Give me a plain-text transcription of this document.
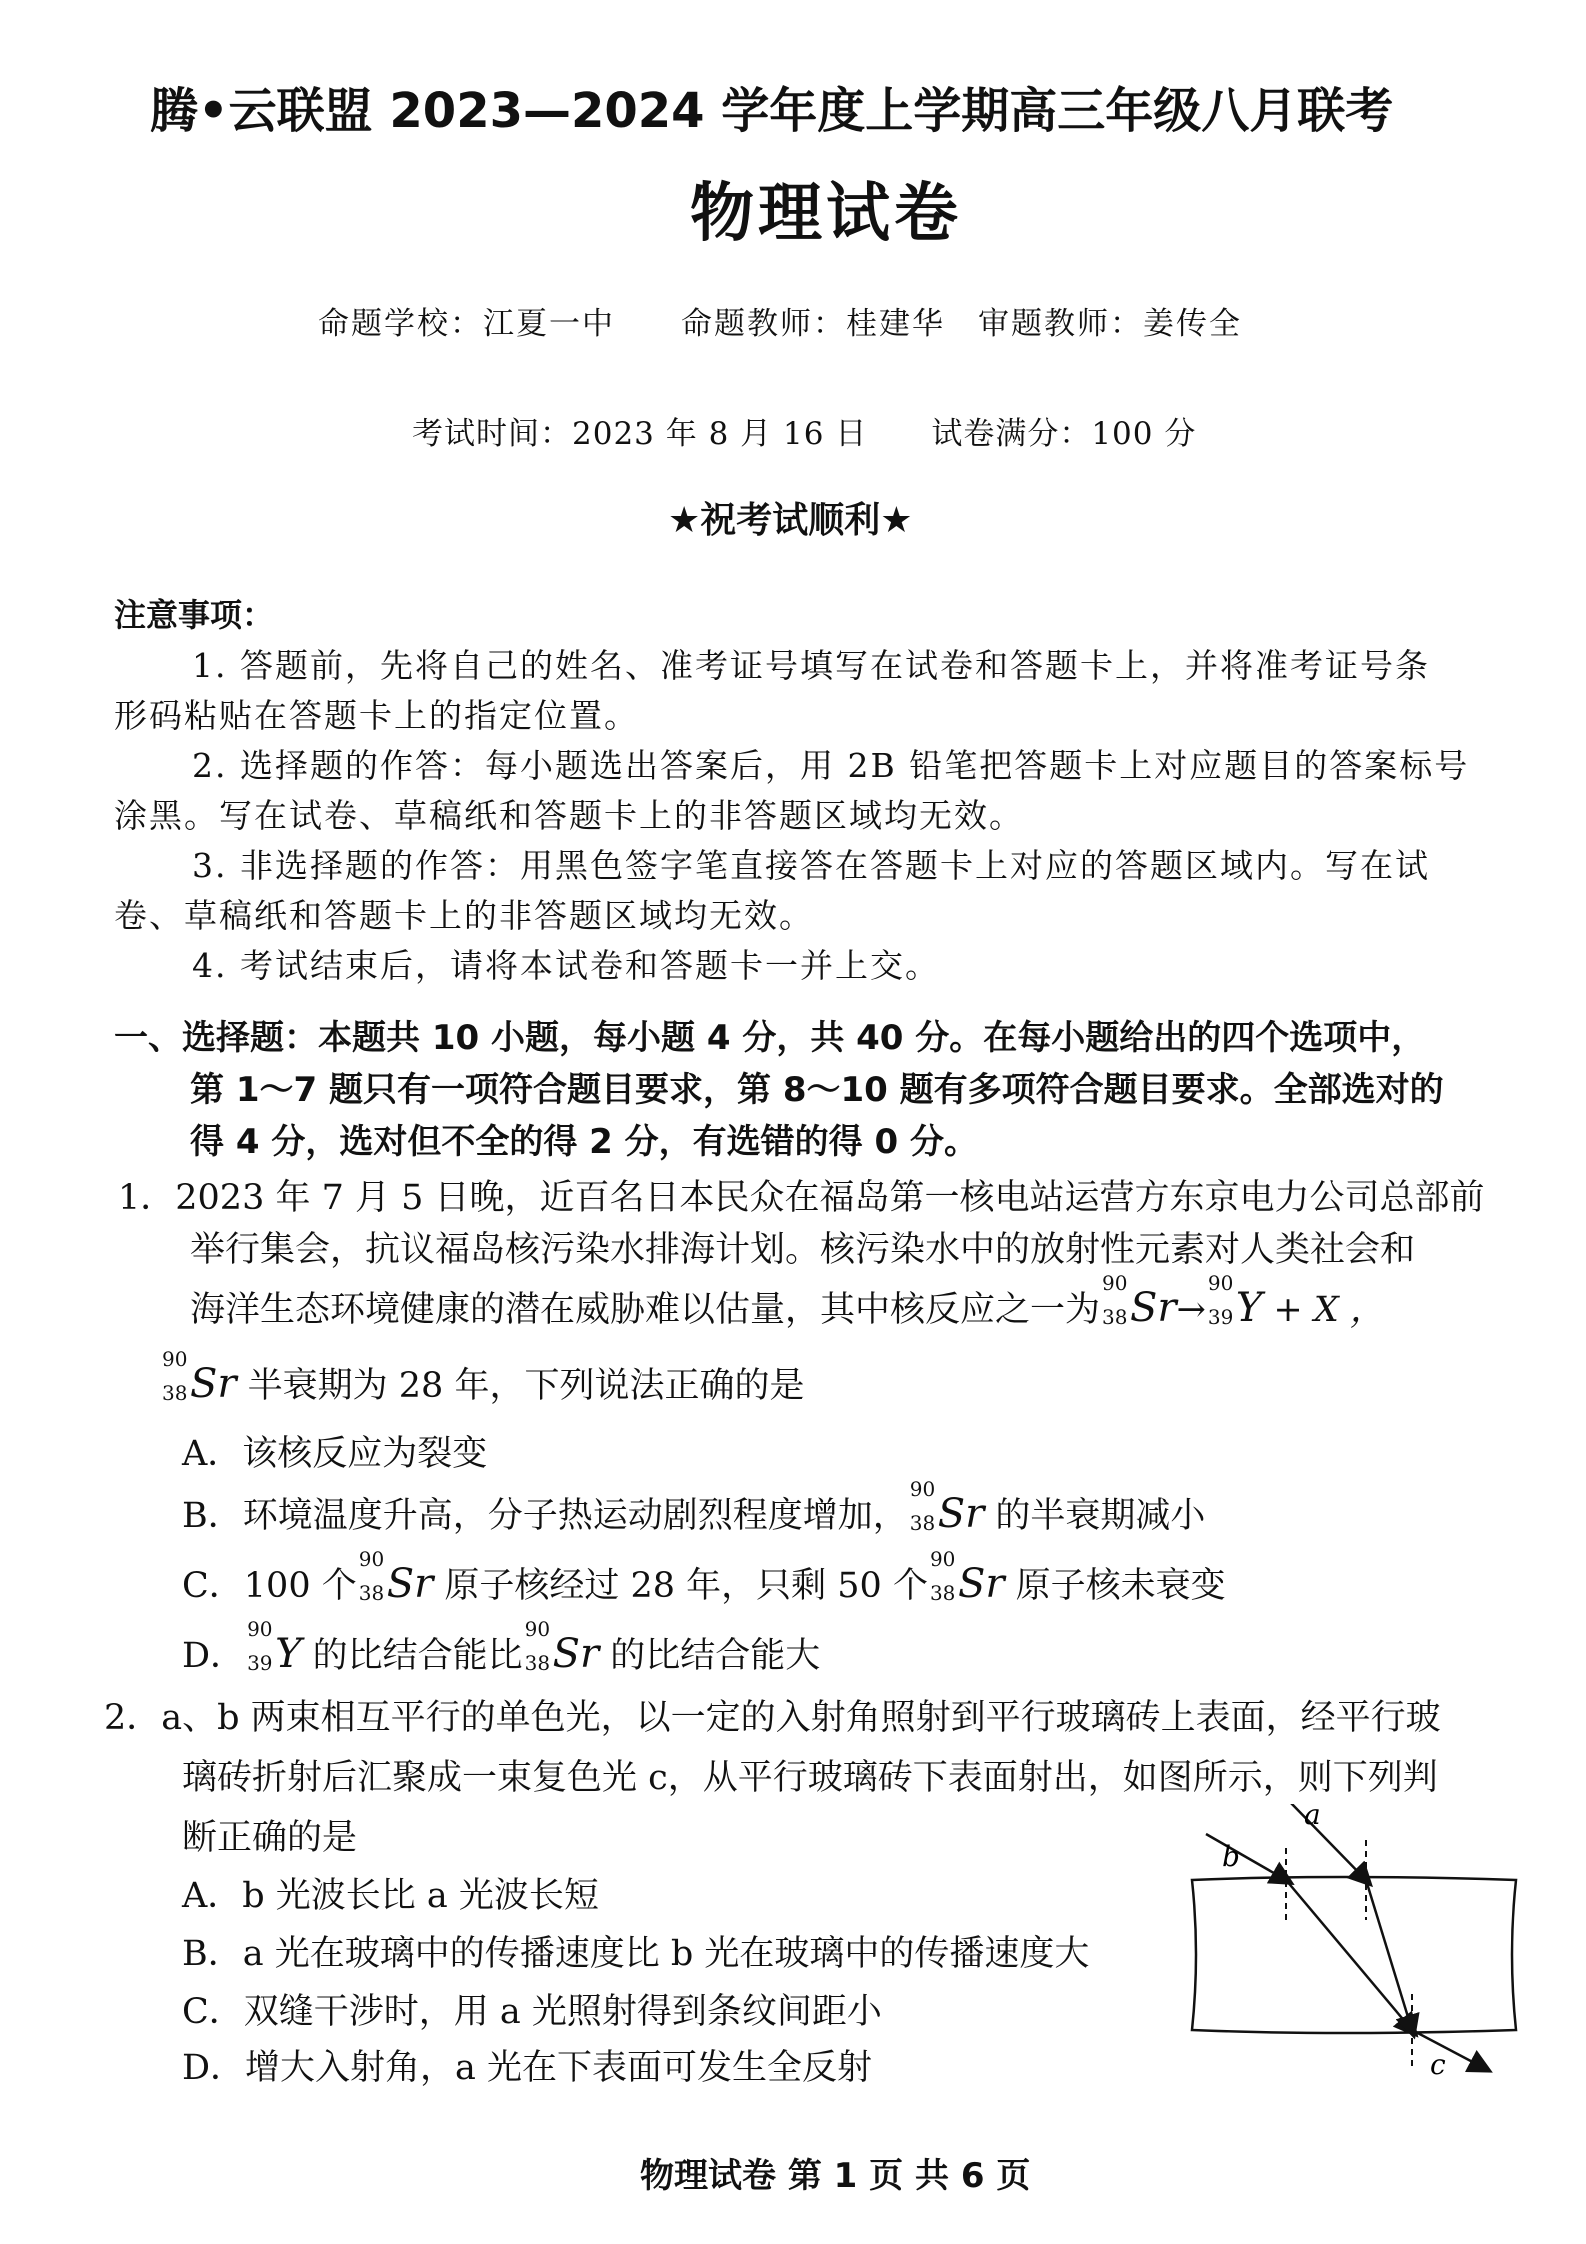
腾•云联盟 2023—2024 学年度上学期高三年级八月联考
物理试卷
命题学校：江夏一中　　命题教师：桂建华　审题教师：姜传全
考试时间：2023 年 8 月 16 日　　试卷满分：100 分
★祝考试顺利★
注意事项：
1. 答题前，先将自己的姓名、准考证号填写在试卷和答题卡上，并将准考证号条
形码粘贴在答题卡上的指定位置。
2. 选择题的作答：每小题选出答案后，用 2B 铅笔把答题卡上对应题目的答案标号
涂黑。写在试卷、草稿纸和答题卡上的非答题区域均无效。
3. 非选择题的作答：用黑色签字笔直接答在答题卡上对应的答题区域内。写在试
卷、草稿纸和答题卡上的非答题区域均无效。
4. 考试结束后，请将本试卷和答题卡一并上交。
一、选择题：本题共 10 小题，每小题 4 分，共 40 分。在每小题给出的四个选项中，
第 1～7 题只有一项符合题目要求，第 8～10 题有多项符合题目要求。全部选对的
得 4 分，选对但不全的得 2 分，有选错的得 0 分。
1．2023 年 7 月 5 日晚，近百名日本民众在福岛第一核电站运营方东京电力公司总部前
举行集会，抗议福岛核污染水排海计划。核污染水中的放射性元素对人类社会和
海洋生态环境健康的潜在威胁难以估量，其中核反应之一为
90
38 Sr→
90
39 Y + X ，
90
38 Sr 半衰期为 28 年，下列说法正确的是
A．该核反应为裂变
B．环境温度升高，分子热运动剧烈程度增加，
90
38 Sr 的半衰期减小
C．100 个
90
38 Sr 原子核经过 28 年，只剩 50 个
90
38 Sr 原子核未衰变
D．
90
39 Y 的比结合能比
90
38 Sr 的比结合能大
2．a、b 两束相互平行的单色光，以一定的入射角照射到平行玻璃砖上表面，经平行玻
璃砖折射后汇聚成一束复色光 c，从平行玻璃砖下表面射出，如图所示，则下列判
断正确的是
A．b 光波长比 a 光波长短
B．a 光在玻璃中的传播速度比 b 光在玻璃中的传播速度大
C．双缝干涉时，用 a 光照射得到条纹间距小
D．增大入射角，a 光在下表面可发生全反射
a
b
c
物理试卷 第 1 页 共 6 页
